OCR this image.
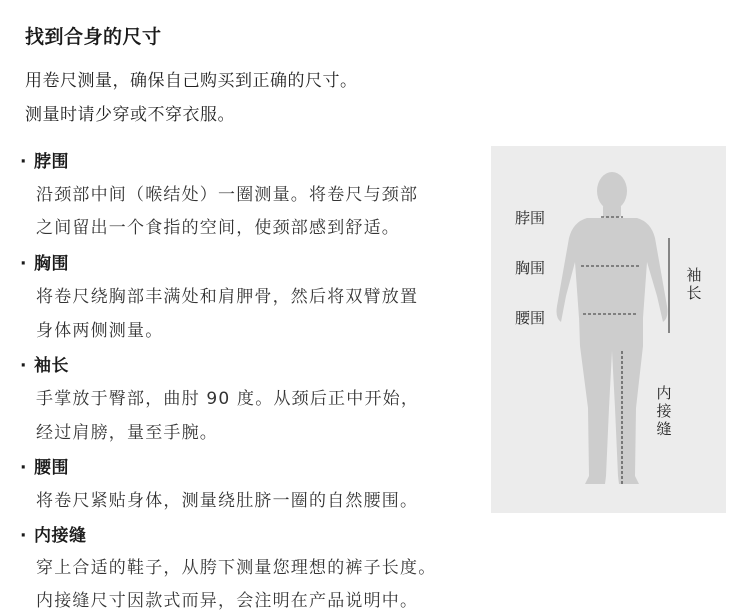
找到合身的尺寸
用卷尺测量，确保自己购买到正确的尺寸。
测量时请少穿或不穿衣服。
· 脖围
沿颈部中间（喉结处）一圈测量。将卷尺与颈部
之间留出一个食指的空间，使颈部感到舒适。
· 胸围
将卷尺绕胸部丰满处和肩胛骨，然后将双臂放置
身体两侧测量。
· 袖长
手掌放于臀部，曲肘 90 度。从颈后正中开始，
经过肩膀，量至手腕。
· 腰围
将卷尺紧贴身体，测量绕肚脐一圈的自然腰围。
· 内接缝
穿上合适的鞋子，从胯下测量您理想的裤子长度。
内接缝尺寸因款式而异，会注明在产品说明中。
脖围
胸围
腰围
袖长
内接缝
